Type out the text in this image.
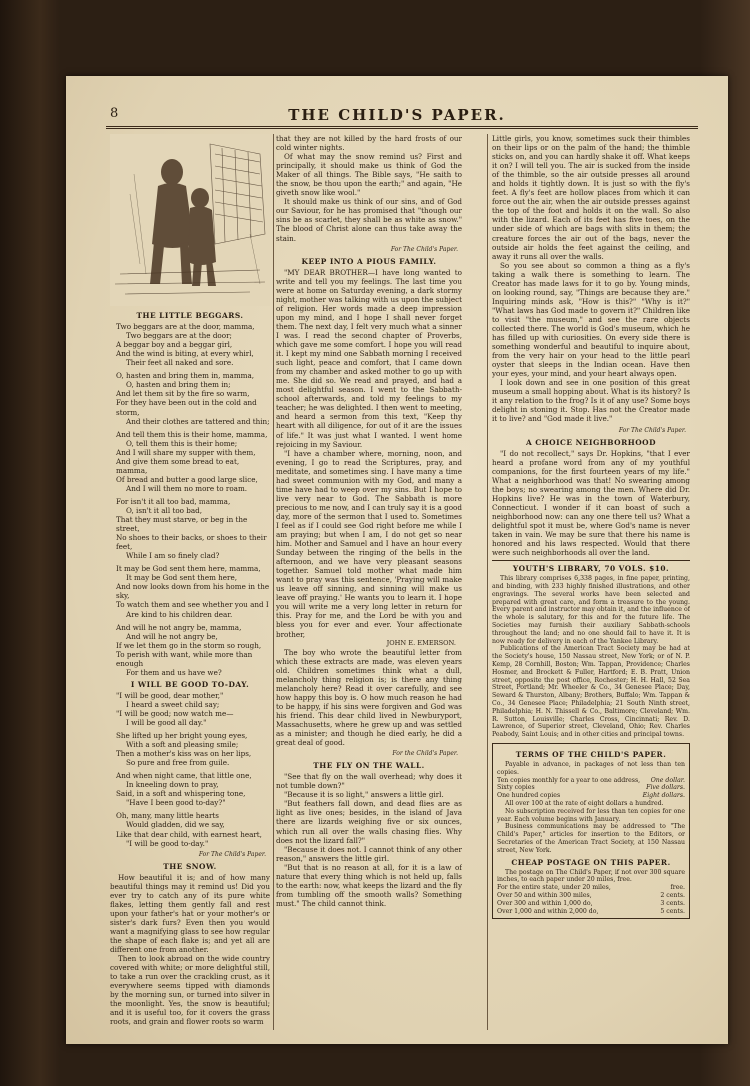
8	THE CHILD'S PAPER.
THE LITTLE BEGGARS.

Two beggars are at the door, mamma,

Two beggars are at the door;

A beggar boy and a beggar girl,

And the wind is biting, at every whirl,

Their feet all naked and sore.

O, hasten and bring them in, mamma,

O, hasten and bring them in;

And let them sit by the fire so warm,

For they have been out in the cold and storm,

And their clothes are tattered and thin;

And tell them this is their home, mamma,

O, tell them this is their home;

And I will share my supper with them,

And give them some bread to eat, mamma,

Of bread and butter a good large slice,

And I will them no more to roam.

For isn't it all too bad, mamma,

O, isn't it all too bad,

That they must starve, or beg in the street,

No shoes to their backs, or shoes to their feet,

While I am so finely clad?

It may be God sent them here, mamma,

It may be God sent them here,

And now looks down from his home in the sky,

To watch them and see whether you and I

Are kind to his children dear.

And will he not angry be, mamma,

And will he not angry be,

If we let them go in the storm so rough,

To perish with want, while more than enough

For them and us have we?

I WILL BE GOOD TO-DAY.

"I will be good, dear mother,"

I heard a sweet child say;

"I will be good; now watch me—

I will be good all day."

She lifted up her bright young eyes,

With a soft and pleasing smile;

Then a mother's kiss was on her lips,

So pure and free from guile.

And when night came, that little one,

In kneeling down to pray,

Said, in a soft and whispering tone,

"Have I been good to-day?"

Oh, many, many little hearts

Would gladden, did we say,

Like that dear child, with earnest heart,

"I will be good to-day."

For The Child's Paper.
THE SNOW.

How beautiful it is; and of how many beautiful things may it remind us! Did you ever try to catch any of its pure white flakes, letting them gently fall and rest upon your father's hat or your mother's or sister's dark furs? Even then you would want a magnifying glass to see how regular the shape of each flake is; and yet all are different one from another.

Then to look abroad on the wide country covered with white; or more delightful still, to take a run over the crackling crust, as it everywhere seems tipped with diamonds by the morning sun, or turned into silver in the moonlight. Yes, the snow is beautiful; and it is useful too, for it covers the grass roots, and grain and flower roots so warm

that they are not killed by the hard frosts of our cold winter nights.

Of what may the snow remind us? First and principally, it should make us think of God the Maker of all things. The Bible says, "He saith to the snow, be thou upon the earth;" and again, "He giveth snow like wool."

It should make us think of our sins, and of God our Saviour, for he has promised that "though our sins be as scarlet, they shall be as white as snow." The blood of Christ alone can thus take away the stain.

For The Child's Paper.
KEEP INTO A PIOUS FAMILY.

"MY DEAR BROTHER—I have long wanted to write and tell you my feelings. The last time you were at home on Saturday evening, a dark stormy night, mother was talking with us upon the subject of religion. Her words made a deep impression upon my mind, and I hope I shall never forget them. The next day, I felt very much what a sinner I was. I read the second chapter of Proverbs, which gave me some comfort. I hope you will read it. I kept my mind one Sabbath morning I received such light, peace and comfort, that I came down from my chamber and asked mother to go up with me. She did so. We read and prayed, and had a most delightful season. I went to the Sabbath-school afterwards, and told my feelings to my teacher; he was delighted. I then went to meeting, and heard a sermon from this text, "Keep thy heart with all diligence, for out of it are the issues of life." It was just what I wanted. I went home rejoicing in my Saviour.

"I have a chamber where, morning, noon, and evening, I go to read the Scriptures, pray, and meditate, and sometimes sing. I have many a time had sweet communion with my God, and many a time have had to weep over my sins. But I hope to live very near to God. The Sabbath is more precious to me now, and I can truly say it is a good day, more of the sermon that I used to. Sometimes I feel as if I could see God right before me while I am praying; but when I am, I do not get so near him. Mother and Samuel and I have an hour every Sunday between the ringing of the bells in the afternoon, and we have very pleasant seasons together. Samuel told mother what made him want to pray was this sentence, 'Praying will make us leave off sinning, and sinning will make us leave off praying.' He wants you to learn it. I hope you will write me a very long letter in return for this. Pray for me, and the Lord be with you and bless you for ever and ever. Your affectionate brother,

JOHN E. EMERSON.

The boy who wrote the beautiful letter from which these extracts are made, was eleven years old. Children sometimes think what a dull, melancholy thing religion is; is there any thing melancholy here? Read it over carefully, and see how happy this boy is. O how much reason he had to be happy, if his sins were forgiven and God was his friend. This dear child lived in Newburyport, Massachusetts, where he grew up and was settled as a minister; and though he died early, he did a great deal of good.

For the Child's Paper.
THE FLY ON THE WALL.

"See that fly on the wall overhead; why does it not tumble down?"

"Because it is so light," answers a little girl.

"But feathers fall down, and dead flies are as light as live ones; besides, in the island of Java there are lizards weighing five or six ounces, which run all over the walls chasing flies. Why does not the lizard fall?"

"Because it does not. I cannot think of any other reason," answers the little girl.

"But that is no reason at all, for it is a law of nature that every thing which is not held up, falls to the earth: now, what keeps the lizard and the fly from tumbling off the smooth walls? Something must." The child cannot think.

Little girls, you know, sometimes suck their thimbles on their lips or on the palm of the hand; the thimble sticks on, and you can hardly shake it off. What keeps it on? I will tell you. The air is sucked from the inside of the thimble, so the air outside presses all around and holds it tightly down. It is just so with the fly's feet. A fly's feet are hollow places from which it can force out the air, when the air outside presses against the top of the foot and holds it on the wall. So also with the lizard. Each of its feet has five toes, on the under side of which are bags with slits in them; the creature forces the air out of the bags, never the outside air holds the feet against the ceiling, and away it runs all over the walls.

So you see about so common a thing as a fly's taking a walk there is something to learn. The Creator has made laws for it to go by. Young minds, on looking round, say, "Things are because they are." Inquiring minds ask, "How is this?" "Why is it?" "What laws has God made to govern it?" Children like to visit "the museum," and see the rare objects collected there. The world is God's museum, which he has filled up with curiosities. On every side there is something wonderful and beautiful to inquire about, from the very hair on your head to the little pearl oyster that sleeps in the Indian ocean. Have then your eyes, your mind, and your heart always open.

I look down and see in one position of this great museum a small hopping about. What is its history? Is it any relation to the frog? Is it of any use? Some boys delight in stoning it. Stop. Has not the Creator made it to live? and "God made it live."

For The Child's Paper.
A CHOICE NEIGHBORHOOD

"I do not recollect," says Dr. Hopkins, "that I ever heard a profane word from any of my youthful companions, for the first fourteen years of my life." What a neighborhood was that! No swearing among the boys; no swearing among the men. Where did Dr. Hopkins live? He was in the town of Waterbury, Connecticut. I wonder if it can boast of such a neighborhood now: can any one there tell us? What a delightful spot it must be, where God's name is never taken in vain. We may be sure that there his name is honored and his laws respected. Would that there were such neighborhoods all over the land.

YOUTH'S LIBRARY, 70 VOLS. $10.

This library comprises 6,338 pages, in fine paper, printing, and binding, with 233 highly finished illustrations, and other engravings. The several works have been selected and prepared with great care, and form a treasure to the young. Every parent and instructor may obtain it, and the influence of the whole is salutary, for this and for the future life. The Societies may furnish their auxiliary Sabbath-schools throughout the land; and no one should fail to have it. It is now ready for delivery in each of the Yankee Library.

Publications of the American Tract Society may be had at the Society's house, 150 Nassau street, New York; or of N. P. Kemp, 28 Cornhill, Boston; Wm. Tappan, Providence; Charles Hosmer, and Brockett & Fuller, Hartford; E. B. Pratt, Union street, opposite the post office, Rochester; H. H. Hall, 52 Sea Street, Portland; Mr. Wheeler & Co., 34 Genesee Place; Day, Seward & Thurston, Albany; Brothers, Buffalo; Wm. Tappan & Co., 34 Genesee Place; Philadelphia; 21 South Ninth street, Philadelphia; H. N. Thissell & Co., Baltimore; Cleveland; Wm. R. Sutton, Louisville; Charles Cross, Cincinnati; Rev. D. Lawrence, of Superior street, Cleveland, Ohio; Rev. Charles Peabody, Saint Louis; and in other cities and principal towns.

TERMS OF THE CHILD'S PAPER.

Payable in advance, in packages of not less than ten copies.

Ten copies monthly for a year to one address,	One dollar.
Sixty copies	Five dollars.
One hundred copies	Eight dollars.

All over 100 at the rate of eight dollars a hundred.

No subscription received for less than ten copies for one year. Each volume begins with January.

Business communications may be addressed to "The Child's Paper," articles for insertion to the Editors, or Secretaries of the American Tract Society, at 150 Nassau street, New York.

CHEAP POSTAGE ON THIS PAPER.

The postage on The Child's Paper, if not over 300 square inches, to each paper under 20 miles, free.

For the entire state, under 20 miles,	free.
Over 50 and within 300 miles,	2 cents.
Over 300 and within 1,000 do,	3 cents.
Over 1,000 and within 2,000 do,	5 cents.
